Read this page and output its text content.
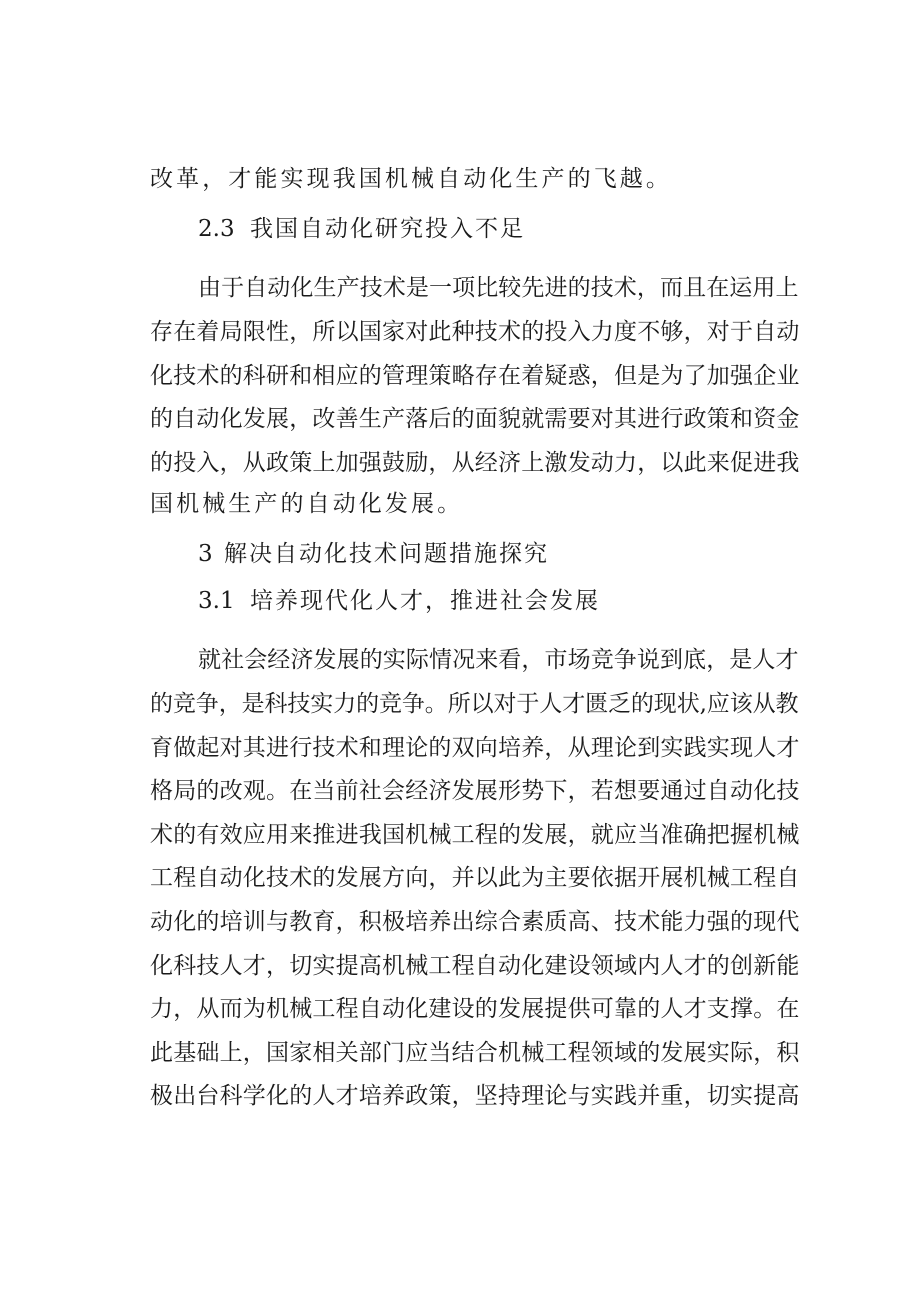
改革，才能实现我国机械自动化生产的飞越。
2.3 我国自动化研究投入不足
由于自动化生产技术是一项比较先进的技术，而且在运用上
存在着局限性，所以国家对此种技术的投入力度不够，对于自动
化技术的科研和相应的管理策略存在着疑惑，但是为了加强企业
的自动化发展，改善生产落后的面貌就需要对其进行政策和资金
的投入，从政策上加强鼓励，从经济上激发动力，以此来促进我
国机械生产的自动化发展。
3 解决自动化技术问题措施探究
3.1 培养现代化人才，推进社会发展
就社会经济发展的实际情况来看，市场竞争说到底，是人才
的竞争，是科技实力的竞争。所以对于人才匮乏的现状,应该从教
育做起对其进行技术和理论的双向培养，从理论到实践实现人才
格局的改观。在当前社会经济发展形势下，若想要通过自动化技
术的有效应用来推进我国机械工程的发展，就应当准确把握机械
工程自动化技术的发展方向，并以此为主要依据开展机械工程自
动化的培训与教育，积极培养出综合素质高、技术能力强的现代
化科技人才，切实提高机械工程自动化建设领域内人才的创新能
力，从而为机械工程自动化建设的发展提供可靠的人才支撑。在
此基础上，国家相关部门应当结合机械工程领域的发展实际，积
极出台科学化的人才培养政策，坚持理论与实践并重，切实提高
